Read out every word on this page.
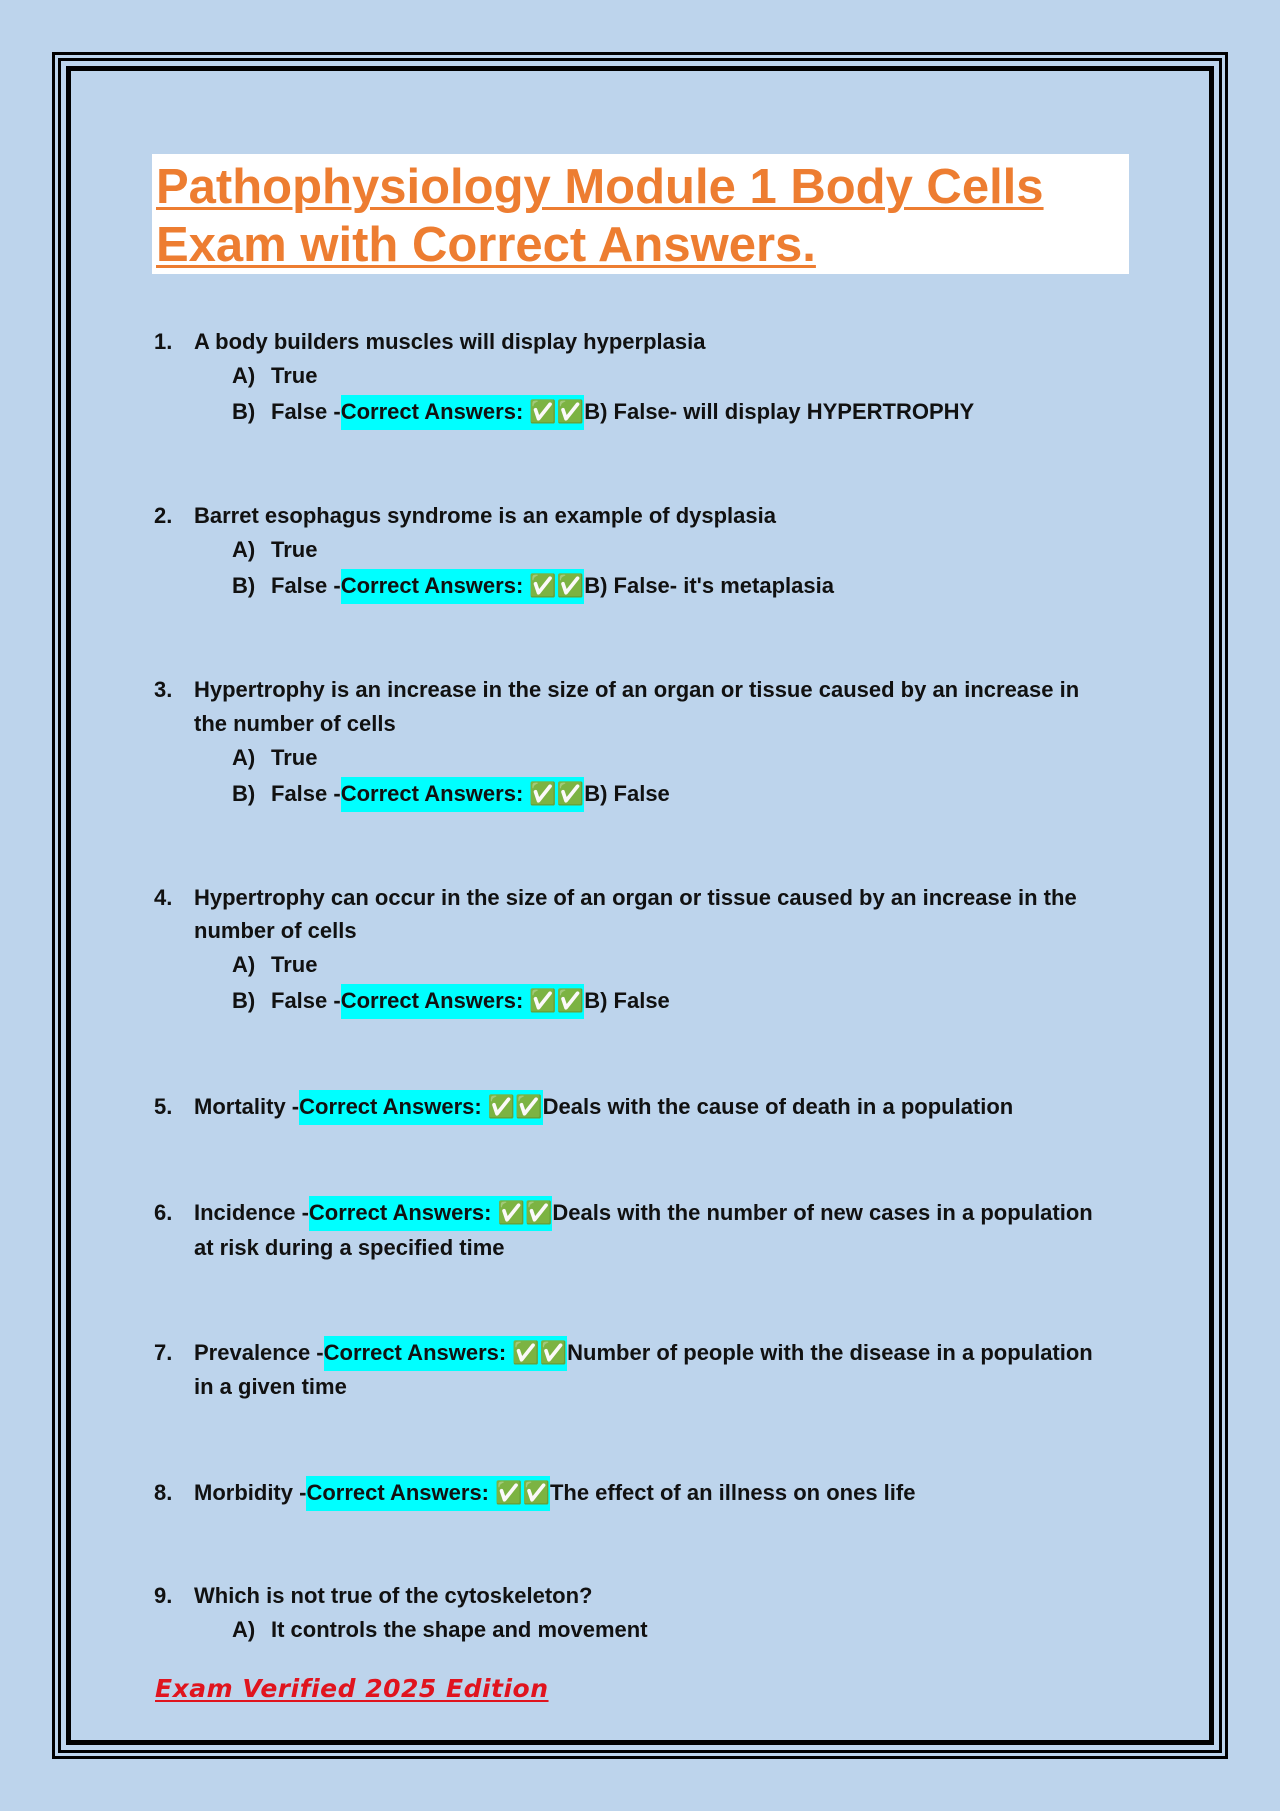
Pathophysiology Module 1 Body Cells
Exam with Correct Answers.
1. A body builders muscles will display hyperplasia
A) True
B) False -Correct Answers: ✅✅B) False- will display HYPERTROPHY
2. Barret esophagus syndrome is an example of dysplasia
A) True
B) False -Correct Answers: ✅✅B) False- it's metaplasia
3. Hypertrophy is an increase in the size of an organ or tissue caused by an increase in
the number of cells
A) True
B) False -Correct Answers: ✅✅B) False
4. Hypertrophy can occur in the size of an organ or tissue caused by an increase in the
number of cells
A) True
B) False -Correct Answers: ✅✅B) False
5. Mortality -Correct Answers: ✅✅Deals with the cause of death in a population
6. Incidence -Correct Answers: ✅✅Deals with the number of new cases in a population
at risk during a specified time
7. Prevalence -Correct Answers: ✅✅Number of people with the disease in a population
in a given time
8. Morbidity -Correct Answers: ✅✅The effect of an illness on ones life
9. Which is not true of the cytoskeleton?
A) It controls the shape and movement
Exam Verified 2025 Edition
